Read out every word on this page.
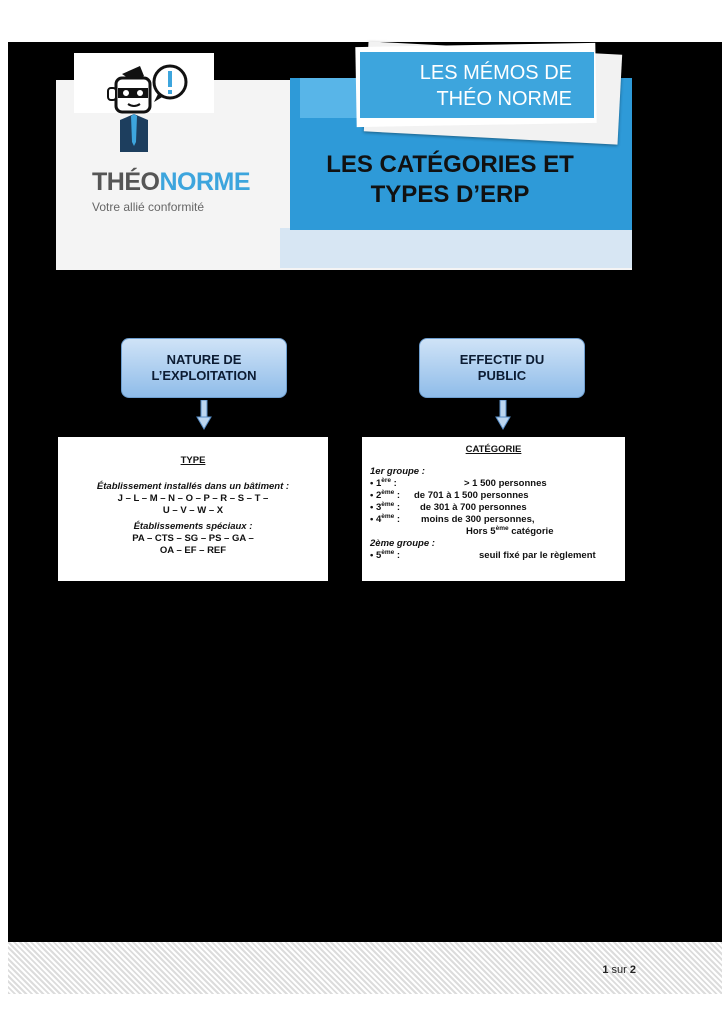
THÉONORME
Votre allié conformité
LES MÉMOS DE
THÉO NORME
LES CATÉGORIES ET
TYPES D’ERP
NATURE DE
L’EXPLOITATION
EFFECTIF DU
PUBLIC
TYPE
Établissement installés dans un bâtiment :
J – L – M – N – O – P – R – S – T –
U – V – W – X
Établissements spéciaux :
PA – CTS – SG – PS – GA –
OA – EF – REF
CATÉGORIE
1er groupe :
• 1ère :	> 1 500 personnes
• 2ème : de 701 à 1 500 personnes
• 3ème : de 301 à 700 personnes
• 4ème : moins de 300 personnes,
Hors 5ème catégorie
2ème groupe :
• 5ème :	seuil fixé par le règlement
1 sur 2
